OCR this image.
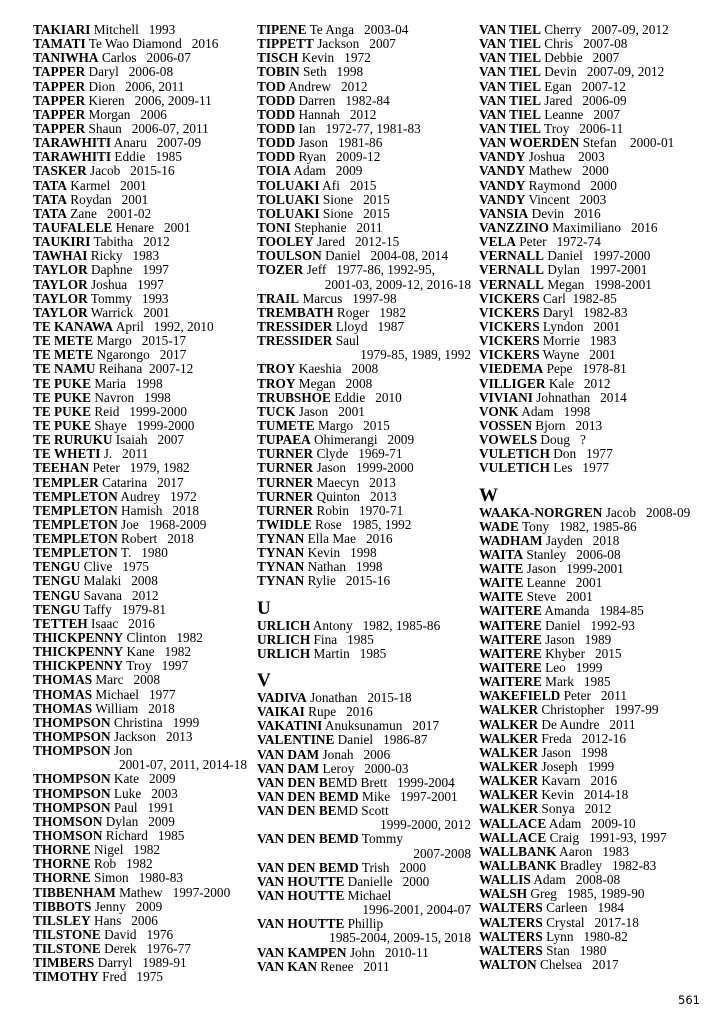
TAKIARI Mitchell   1993
TAMATI Te Wao Diamond   2016
TANIWHA Carlos   2006-07
TAPPER Daryl   2006-08
TAPPER Dion   2006, 2011
TAPPER Kieren   2006, 2009-11
TAPPER Morgan   2006
TAPPER Shaun   2006-07, 2011
TARAWHITI Anaru   2007-09
TARAWHITI Eddie   1985
TASKER Jacob   2015-16
TATA Karmel   2001
TATA Roydan   2001
TATA Zane   2001-02
TAUFALELE Henare   2001
TAUKIRI Tabitha   2012
TAWHAI Ricky   1983
TAYLOR Daphne   1997
TAYLOR Joshua   1997
TAYLOR Tommy   1993
TAYLOR Warrick   2001
TE KANAWA April   1992, 2010
TE METE Margo   2015-17
TE METE Ngarongo   2017
TE NAMU Reihana  2007-12
TE PUKE Maria   1998
TE PUKE Navron   1998
TE PUKE Reid   1999-2000
TE PUKE Shaye   1999-2000
TE RURUKU Isaiah   2007
TE WHETI J.   2011
TEEHAN Peter   1979, 1982
TEMPLER Catarina   2017
TEMPLETON Audrey   1972
TEMPLETON Hamish   2018
TEMPLETON Joe   1968-2009
TEMPLETON Robert   2018
TEMPLETON T.   1980
TENGU Clive   1975
TENGU Malaki   2008
TENGU Savana   2012
TENGU Taffy   1979-81
TETTEH Isaac   2016
THICKPENNY Clinton   1982
THICKPENNY Kane   1982
THICKPENNY Troy   1997
THOMAS Marc   2008
THOMAS Michael   1977
THOMAS William   2018
THOMPSON Christina   1999
THOMPSON Jackson   2013
THOMPSON Jon
2001-07, 2011, 2014-18
THOMPSON Kate   2009
THOMPSON Luke   2003
THOMPSON Paul   1991
THOMSON Dylan   2009
THOMSON Richard   1985
THORNE Nigel   1982
THORNE Rob   1982
THORNE Simon   1980-83
TIBBENHAM Mathew   1997-2000
TIBBOTS Jenny   2009
TILSLEY Hans   2006
TILSTONE David   1976
TILSTONE Derek   1976-77
TIMBERS Darryl   1989-91
TIMOTHY Fred   1975
TIPENE Te Anga   2003-04
TIPPETT Jackson   2007
TISCH Kevin   1972
TOBIN Seth   1998
TOD Andrew   2012
TODD Darren   1982-84
TODD Hannah   2012
TODD Ian   1972-77, 1981-83
TODD Jason   1981-86
TODD Ryan   2009-12
TOIA Adam   2009
TOLUAKI Afi   2015
TOLUAKI Sione   2015
TOLUAKI Sione   2015
TONI Stephanie   2011
TOOLEY Jared   2012-15
TOULSON Daniel   2004-08, 2014
TOZER Jeff   1977-86, 1992-95,
2001-03, 2009-12, 2016-18
TRAIL Marcus   1997-98
TREMBATH Roger   1982
TRESSIDER Lloyd   1987
TRESSIDER Saul
1979-85, 1989, 1992
TROY Kaeshia   2008
TROY Megan   2008
TRUBSHOE Eddie   2010
TUCK Jason   2001
TUMETE Margo   2015
TUPAEA Ohimerangi   2009
TURNER Clyde   1969-71
TURNER Jason   1999-2000
TURNER Maecyn   2013
TURNER Quinton   2013
TURNER Robin   1970-71
TWIDLE Rose   1985, 1992
TYNAN Ella Mae   2016
TYNAN Kevin   1998
TYNAN Nathan   1998
TYNAN Rylie   2015-16
U
URLICH Antony   1982, 1985-86
URLICH Fina   1985
URLICH Martin   1985
V
VADIVA Jonathan   2015-18
VAIKAI Rupe   2016
VAKATINI Anuksunamun   2017
VALENTINE Daniel   1986-87
VAN DAM Jonah   2006
VAN DAM Leroy   2000-03
VAN DEN BEMD Brett   1999-2004
VAN DEN BEMD Mike   1997-2001
VAN DEN BEMD Scott
1999-2000, 2012
VAN DEN BEMD Tommy
2007-2008
VAN DEN BEMD Trish   2000
VAN HOUTTE Danielle   2000
VAN HOUTTE Michael
1996-2001, 2004-07
VAN HOUTTE Phillip
1985-2004, 2009-15, 2018
VAN KAMPEN John   2010-11
VAN KAN Renee   2011
VAN TIEL Cherry   2007-09, 2012
VAN TIEL Chris   2007-08
VAN TIEL Debbie   2007
VAN TIEL Devin   2007-09, 2012
VAN TIEL Egan   2007-12
VAN TIEL Jared   2006-09
VAN TIEL Leanne   2007
VAN TIEL Troy   2006-11
VAN WOERDEN Stefan    2000-01
VANDY Joshua    2003
VANDY Mathew   2000
VANDY Raymond   2000
VANDY Vincent   2003
VANSIA Devin   2016
VANZZINO Maximiliano   2016
VELA Peter   1972-74
VERNALL Daniel   1997-2000
VERNALL Dylan   1997-2001
VERNALL Megan   1998-2001
VICKERS Carl  1982-85
VICKERS Daryl   1982-83
VICKERS Lyndon   2001
VICKERS Morrie   1983
VICKERS Wayne   2001
VIEDEMA Pepe   1978-81
VILLIGER Kale   2012
VIVIANI Johnathan   2014
VONK Adam   1998
VOSSEN Bjorn   2013
VOWELS Doug   ?
VULETICH Don   1977
VULETICH Les   1977
W
WAAKA-NORGREN Jacob   2008-09
WADE Tony   1982, 1985-86
WADHAM Jayden   2018
WAITA Stanley   2006-08
WAITE Jason   1999-2001
WAITE Leanne   2001
WAITE Steve   2001
WAITERE Amanda   1984-85
WAITERE Daniel   1992-93
WAITERE Jason   1989
WAITERE Khyber   2015
WAITERE Leo   1999
WAITERE Mark   1985
WAKEFIELD Peter   2011
WALKER Christopher   1997-99
WALKER De Aundre   2011
WALKER Freda   2012-16
WALKER Jason   1998
WALKER Joseph   1999
WALKER Kavarn   2016
WALKER Kevin   2014-18
WALKER Sonya   2012
WALLACE Adam   2009-10
WALLACE Craig   1991-93, 1997
WALLBANK Aaron   1983
WALLBANK Bradley   1982-83
WALLIS Adam   2008-08
WALSH Greg   1985, 1989-90
WALTERS Carleen   1984
WALTERS Crystal   2017-18
WALTERS Lynn   1980-82
WALTERS Stan   1980
WALTON Chelsea   2017
561
